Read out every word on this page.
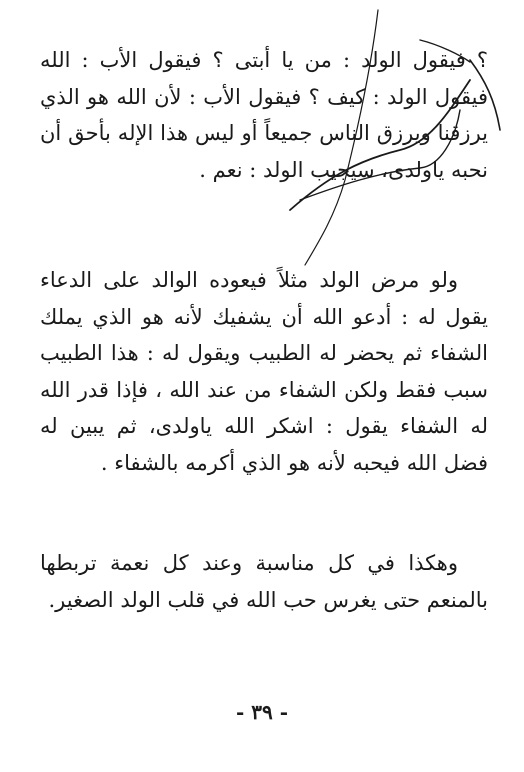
؟ فيقول الولد : من يا أبتى ؟ فيقول الأب : الله فيقول الولد : كيف ؟ فيقول الأب : لأن الله هو الذي يرزقنا ويرزق الناس جميعاً أو ليس هذا الإله بأحق أن نحبه ياولدى، سيجيب الولد : نعم .
ولو مرض الولد مثلاً فيعوده الوالد على الدعاء يقول له : أدعو الله أن يشفيك لأنه هو الذي يملك الشفاء ثم يحضر له الطبيب ويقول له : هذا الطبيب سبب فقط ولكن الشفاء من عند الله ، فإذا قدر الله له الشفاء يقول : اشكر الله ياولدى، ثم يبين له فضل الله فيحبه لأنه هو الذي أكرمه بالشفاء .
وهكذا في كل مناسبة وعند كل نعمة تربطها بالمنعم حتى يغرس حب الله في قلب الولد الصغير.
- ٣٩ -
